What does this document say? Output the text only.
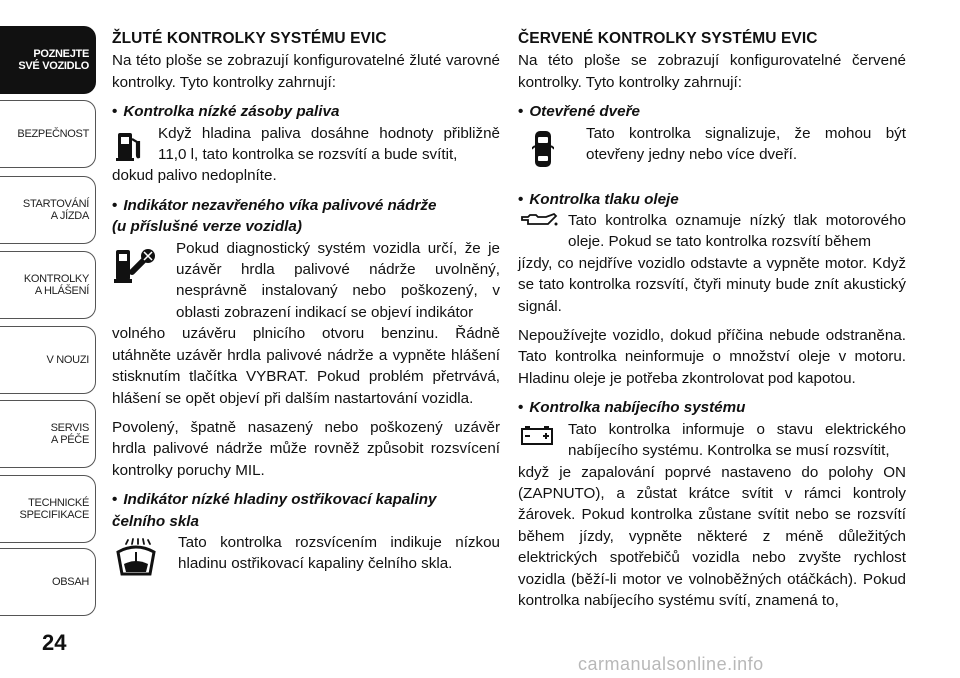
POZNEJTE
SVÉ VOZIDLO
BEZPEČNOST
STARTOVÁNÍ
A JÍZDA
KONTROLKY
A HLÁŠENÍ
V NOUZI
SERVIS
A PÉČE
TECHNICKÉ
SPECIFIKACE
OBSAH
24
ŽLUTÉ KONTROLKY SYSTÉMU EVIC

Na této ploše se zobrazují konfigurovatelné žluté varovné kontrolky. Tyto kontrolky zahrnují:

• Kontrolka nízké zásoby paliva
Když hladina paliva dosáhne hodnoty přibližně 11,0 l, tato kontrolka se rozsvítí a bude svítit,

dokud palivo nedoplníte.

• Indikátor nezavřeného víka palivové nádrže
(u příslušné verze vozidla)
Pokud diagnostický systém vozidla určí, že je uzávěr hrdla palivové nádrže uvolněný, nesprávně instalovaný nebo poškozený, v oblasti zobrazení indikací se objeví indikátor

volného uzávěru plnicího otvoru benzinu. Řádně utáhněte uzávěr hrdla palivové nádrže a vypněte hlášení stisknutím tlačítka VYBRAT. Pokud problém přetrvává, hlášení se opět objeví při dalším nastartování vozidla.

Povolený, špatně nasazený nebo poškozený uzávěr hrdla palivové nádrže může rovněž způsobit rozsvícení kontrolky poruchy MIL.

• Indikátor nízké hladiny ostřikovací kapaliny
čelního skla
Tato kontrolka rozsvícením indikuje nízkou hladinu ostřikovací kapaliny čelního skla.
ČERVENÉ KONTROLKY SYSTÉMU EVIC

Na této ploše se zobrazují konfigurovatelné červené kontrolky. Tyto kontrolky zahrnují:

• Otevřené dveře
Tato kontrolka signalizuje, že mohou být otevřeny jedny nebo více dveří.
• Kontrolka tlaku oleje
Tato kontrolka oznamuje nízký tlak motorového oleje. Pokud se tato kontrolka rozsvítí během

jízdy, co nejdříve vozidlo odstavte a vypněte motor. Když se tato kontrolka rozsvítí, čtyři minuty bude znít akustický signál.

Nepoužívejte vozidlo, dokud příčina nebude odstraněna. Tato kontrolka neinformuje o množství oleje v motoru. Hladinu oleje je potřeba zkontrolovat pod kapotou.

• Kontrolka nabíjecího systému
Tato kontrolka informuje o stavu elektrického nabíjecího systému. Kontrolka se musí rozsvítit,

když je zapalování poprvé nastaveno do polohy ON (ZAPNUTO), a zůstat krátce svítit v rámci kontroly žárovek. Pokud kontrolka zůstane svítit nebo se rozsvítí během jízdy, vypněte některé z méně důležitých elektrických spotřebičů vozidla nebo zvyšte rychlost vozidla (běží-li motor ve volnoběžných otáčkách). Pokud kontrolka nabíjecího systému svítí, znamená to,

carmanualsonline.info
